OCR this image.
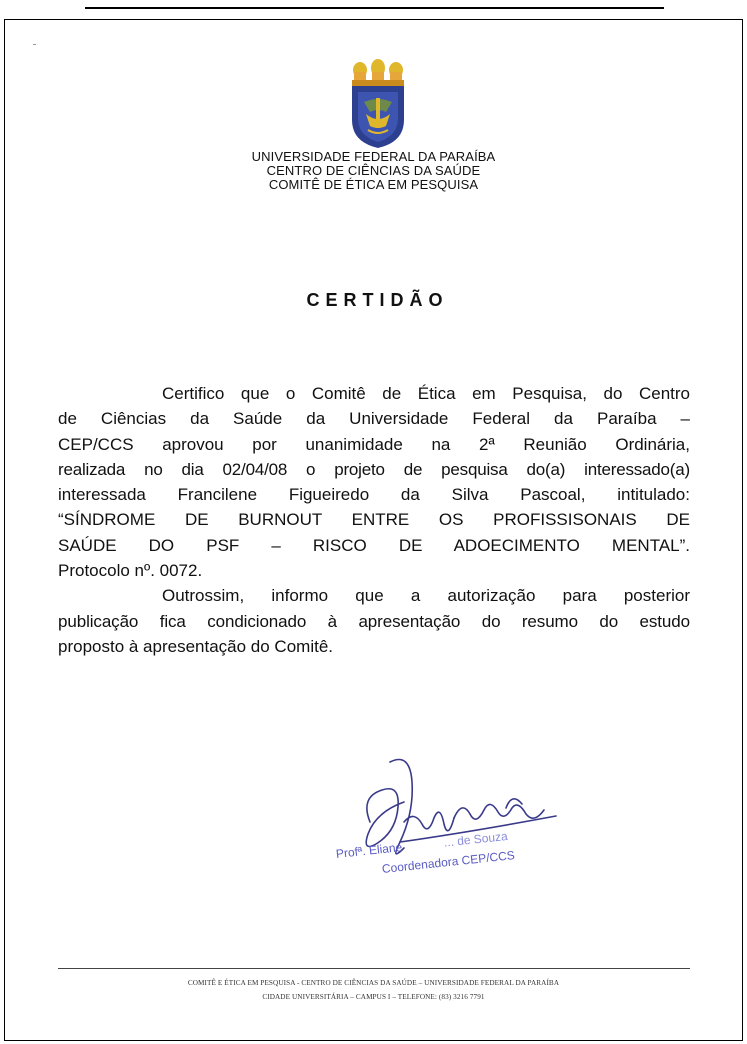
UNIVERSIDADE FEDERAL DA PARAÍBA
CENTRO DE CIÊNCIAS DA SAÚDE
COMITÊ DE ÉTICA EM PESQUISA
CERTIDÃO
Certifico que o Comitê de Ética em Pesquisa, do Centro
de Ciências da Saúde da Universidade Federal da Paraíba –
CEP/CCS aprovou por unanimidade na 2ª Reunião Ordinária,
realizada no dia 02/04/08 o projeto de pesquisa do(a) interessado(a)
interessada Francilene Figueiredo da Silva Pascoal, intitulado:
“SÍNDROME DE BURNOUT ENTRE OS PROFISSISONAIS DE
SAÚDE DO PSF – RISCO DE ADOECIMENTO MENTAL”.
Protocolo nº. 0072.
Outrossim, informo que a autorização para posterior
publicação fica condicionado à apresentação do resumo do estudo
proposto à apresentação do Comitê.
Profª. Eliane... de Souza
Coordenadora CEP/CCS
COMITÊ E ÉTICA EM PESQUISA - CENTRO DE CIÊNCIAS DA SAÚDE – UNIVERSIDADE FEDERAL DA PARAÍBA
CIDADE UNIVERSITÁRIA – CAMPUS I – TELEFONE: (83) 3216 7791
